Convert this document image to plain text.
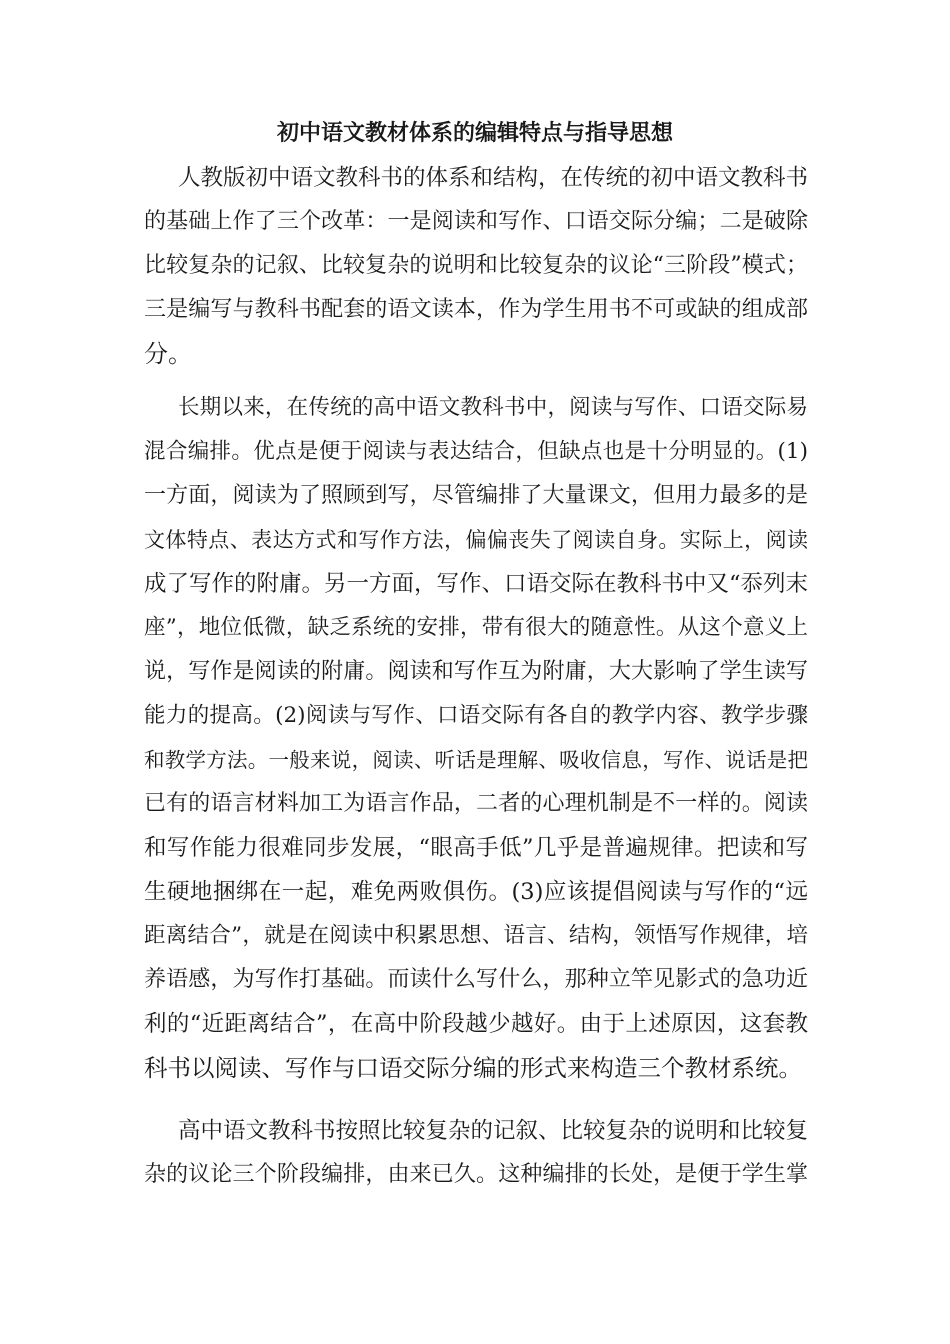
初中语文教材体系的编辑特点与指导思想

人教版初中语文教科书的体系和结构，在传统的初中语文教科书

的基础上作了三个改革：一是阅读和写作、口语交际分编；二是破除

比较复杂的记叙、比较复杂的说明和比较复杂的议论“三阶段”模式；

三是编写与教科书配套的语文读本，作为学生用书不可或缺的组成部

分。

长期以来，在传统的高中语文教科书中，阅读与写作、口语交际易

混合编排。优点是便于阅读与表达结合，但缺点也是十分明显的。(1)

一方面，阅读为了照顾到写，尽管编排了大量课文，但用力最多的是

文体特点、表达方式和写作方法，偏偏丧失了阅读自身。实际上，阅读

成了写作的附庸。另一方面，写作、口语交际在教科书中又“忝列末

座”，地位低微，缺乏系统的安排，带有很大的随意性。从这个意义上

说，写作是阅读的附庸。阅读和写作互为附庸，大大影响了学生读写

能力的提高。(2)阅读与写作、口语交际有各自的教学内容、教学步骤

和教学方法。一般来说，阅读、听话是理解、吸收信息，写作、说话是把

已有的语言材料加工为语言作品，二者的心理机制是不一样的。阅读

和写作能力很难同步发展，“眼高手低”几乎是普遍规律。把读和写

生硬地捆绑在一起，难免两败俱伤。(3)应该提倡阅读与写作的“远

距离结合”，就是在阅读中积累思想、语言、结构，领悟写作规律，培

养语感，为写作打基础。而读什么写什么，那种立竿见影式的急功近

利的“近距离结合”，在高中阶段越少越好。由于上述原因，这套教

科书以阅读、写作与口语交际分编的形式来构造三个教材系统。

高中语文教科书按照比较复杂的记叙、比较复杂的说明和比较复

杂的议论三个阶段编排，由来已久。这种编排的长处，是便于学生掌
